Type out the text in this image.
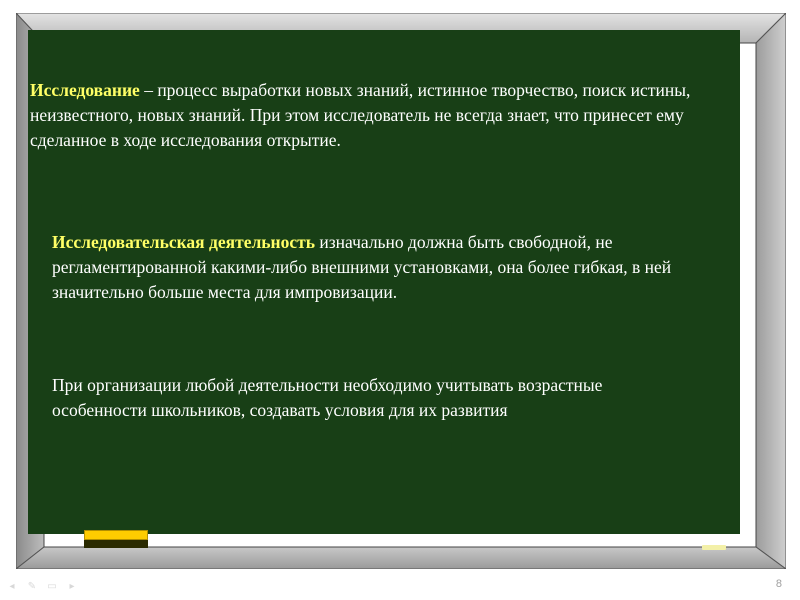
Исследование – процесс выработки новых знаний, истинное творчество, поиск истины, неизвестного, новых знаний. При этом исследователь не всегда знает, что принесет ему сделанное в ходе исследования открытие.
Исследовательская деятельность изначально должна быть свободной, не регламентированной какими-либо внешними установками, она более гибкая, в ней значительно больше места для импровизации.
При организации любой деятельности необходимо учитывать возрастные особенности школьников, создавать условия для их развития
◂	✎ ▭	▸	8
